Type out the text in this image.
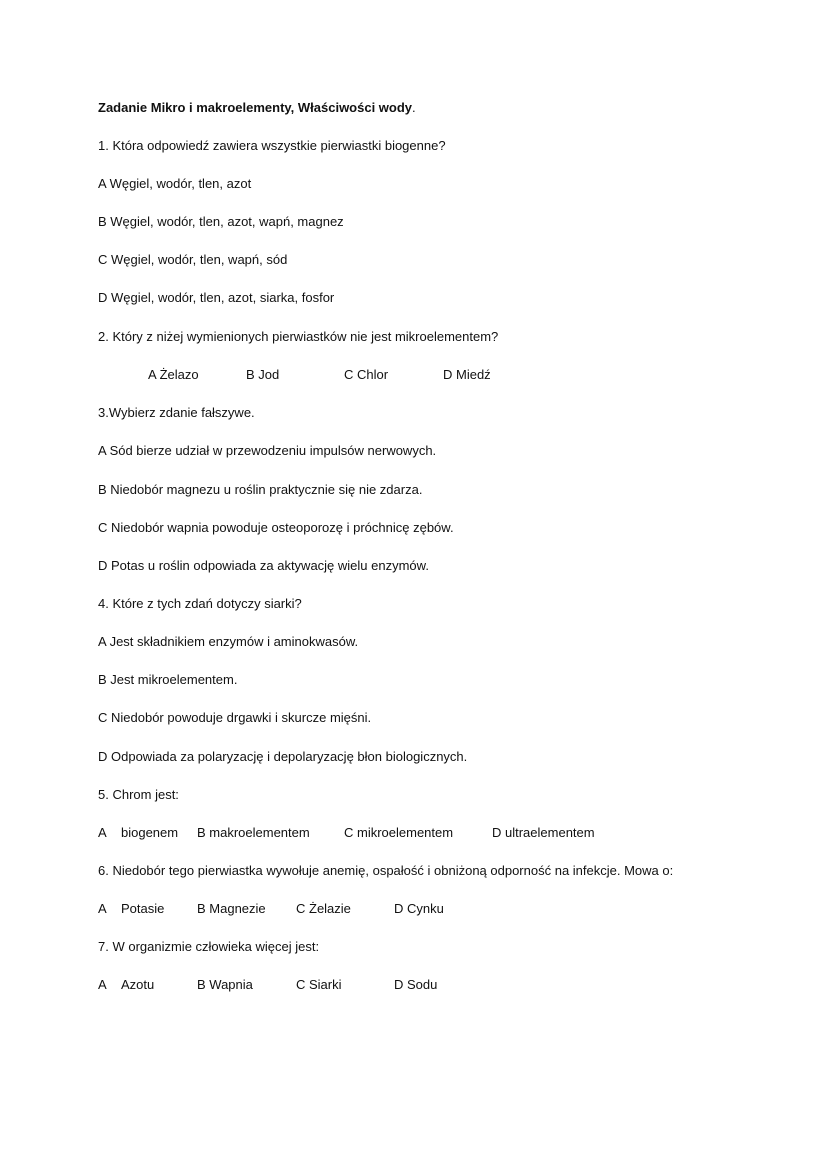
Zadanie Mikro i makroelementy, Właściwości wody.
1. Która odpowiedź zawiera wszystkie pierwiastki biogenne?
A Węgiel, wodór, tlen, azot
B Węgiel, wodór, tlen, azot, wapń, magnez
C Węgiel, wodór, tlen, wapń, sód
D Węgiel, wodór, tlen, azot, siarka, fosfor
2. Który z niżej wymienionych pierwiastków nie jest mikroelementem?
A Żelazo	B Jod	C Chlor	D Miedź
3.Wybierz zdanie fałszywe.
A Sód bierze udział w przewodzeniu impulsów nerwowych.
B Niedobór magnezu u roślin praktycznie się nie zdarza.
C Niedobór wapnia powoduje osteoporozę i próchnicę zębów.
D Potas u roślin odpowiada za aktywację wielu enzymów.
4. Które z tych zdań dotyczy siarki?
A Jest składnikiem enzymów i aminokwasów.
B Jest mikroelementem.
C Niedobór powoduje drgawki i skurcze mięśni.
D Odpowiada za polaryzację i depolaryzację błon biologicznych.
5. Chrom jest:
A biogenem B makroelementem	C mikroelementem	D ultraelementem
6. Niedobór tego pierwiastka wywołuje anemię, ospałość i obniżoną odporność na infekcje. Mowa o:
A Potasie	B Magnezie C Żelazie	D Cynku
7. W organizmie człowieka więcej jest:
A Azotu	B Wapnia	C Siarki	D Sodu
